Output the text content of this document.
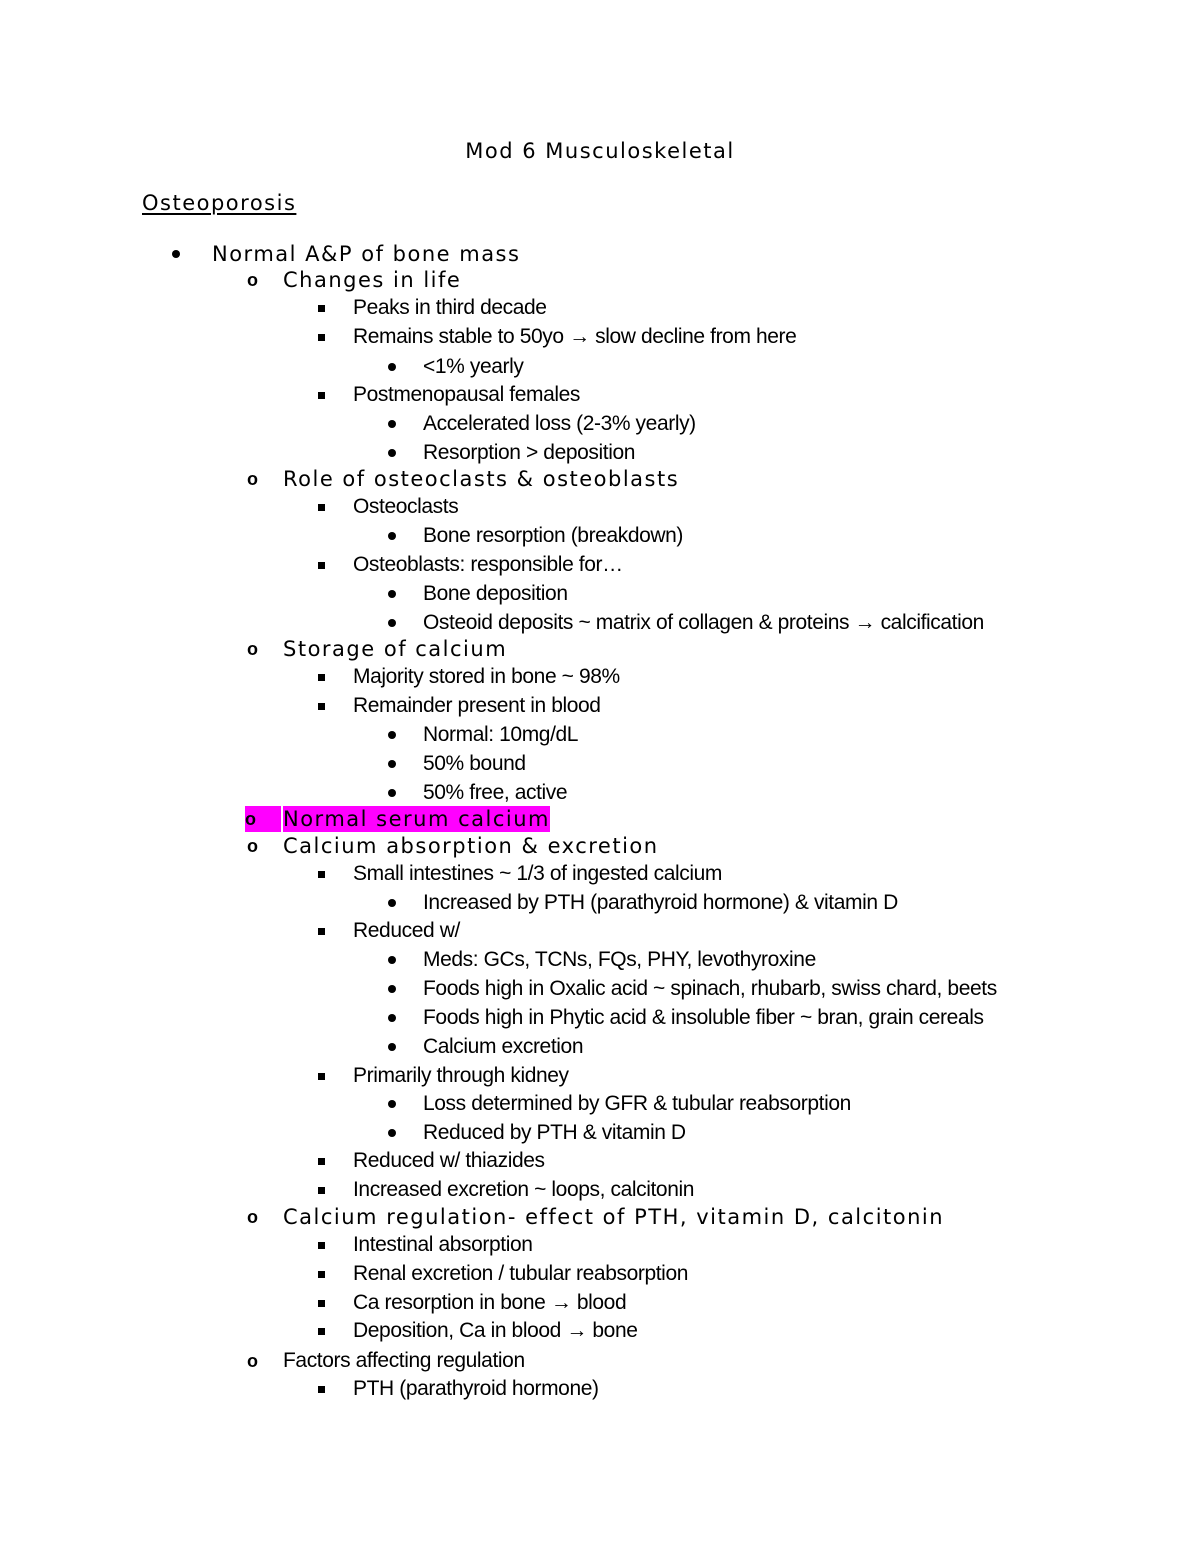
Mod 6 Musculoskeletal
Osteoporosis
Normal A&P of bone mass
o Changes in life
Peaks in third decade
Remains stable to 50yo → slow decline from here
<1% yearly
Postmenopausal females
Accelerated loss (2-3% yearly)
Resorption > deposition
o Role of osteoclasts & osteoblasts
Osteoclasts
Bone resorption (breakdown)
Osteoblasts: responsible for…
Bone deposition
Osteoid deposits ~ matrix of collagen & proteins → calcification
o Storage of calcium
Majority stored in bone ~ 98%
Remainder present in blood
Normal: 10mg/dL
50% bound
50% free, active
o	Normal serum calcium
o Calcium absorption & excretion
Small intestines ~ 1/3 of ingested calcium
Increased by PTH (parathyroid hormone) & vitamin D
Reduced w/
Meds: GCs, TCNs, FQs, PHY, levothyroxine
Foods high in Oxalic acid ~ spinach, rhubarb, swiss chard, beets
Foods high in Phytic acid & insoluble fiber ~ bran, grain cereals
Calcium excretion
Primarily through kidney
Loss determined by GFR & tubular reabsorption
Reduced by PTH & vitamin D
Reduced w/ thiazides
Increased excretion ~ loops, calcitonin
o Calcium regulation- effect of PTH, vitamin D, calcitonin
Intestinal absorption
Renal excretion / tubular reabsorption
Ca resorption in bone → blood
Deposition, Ca in blood → bone
o Factors affecting regulation
PTH (parathyroid hormone)
